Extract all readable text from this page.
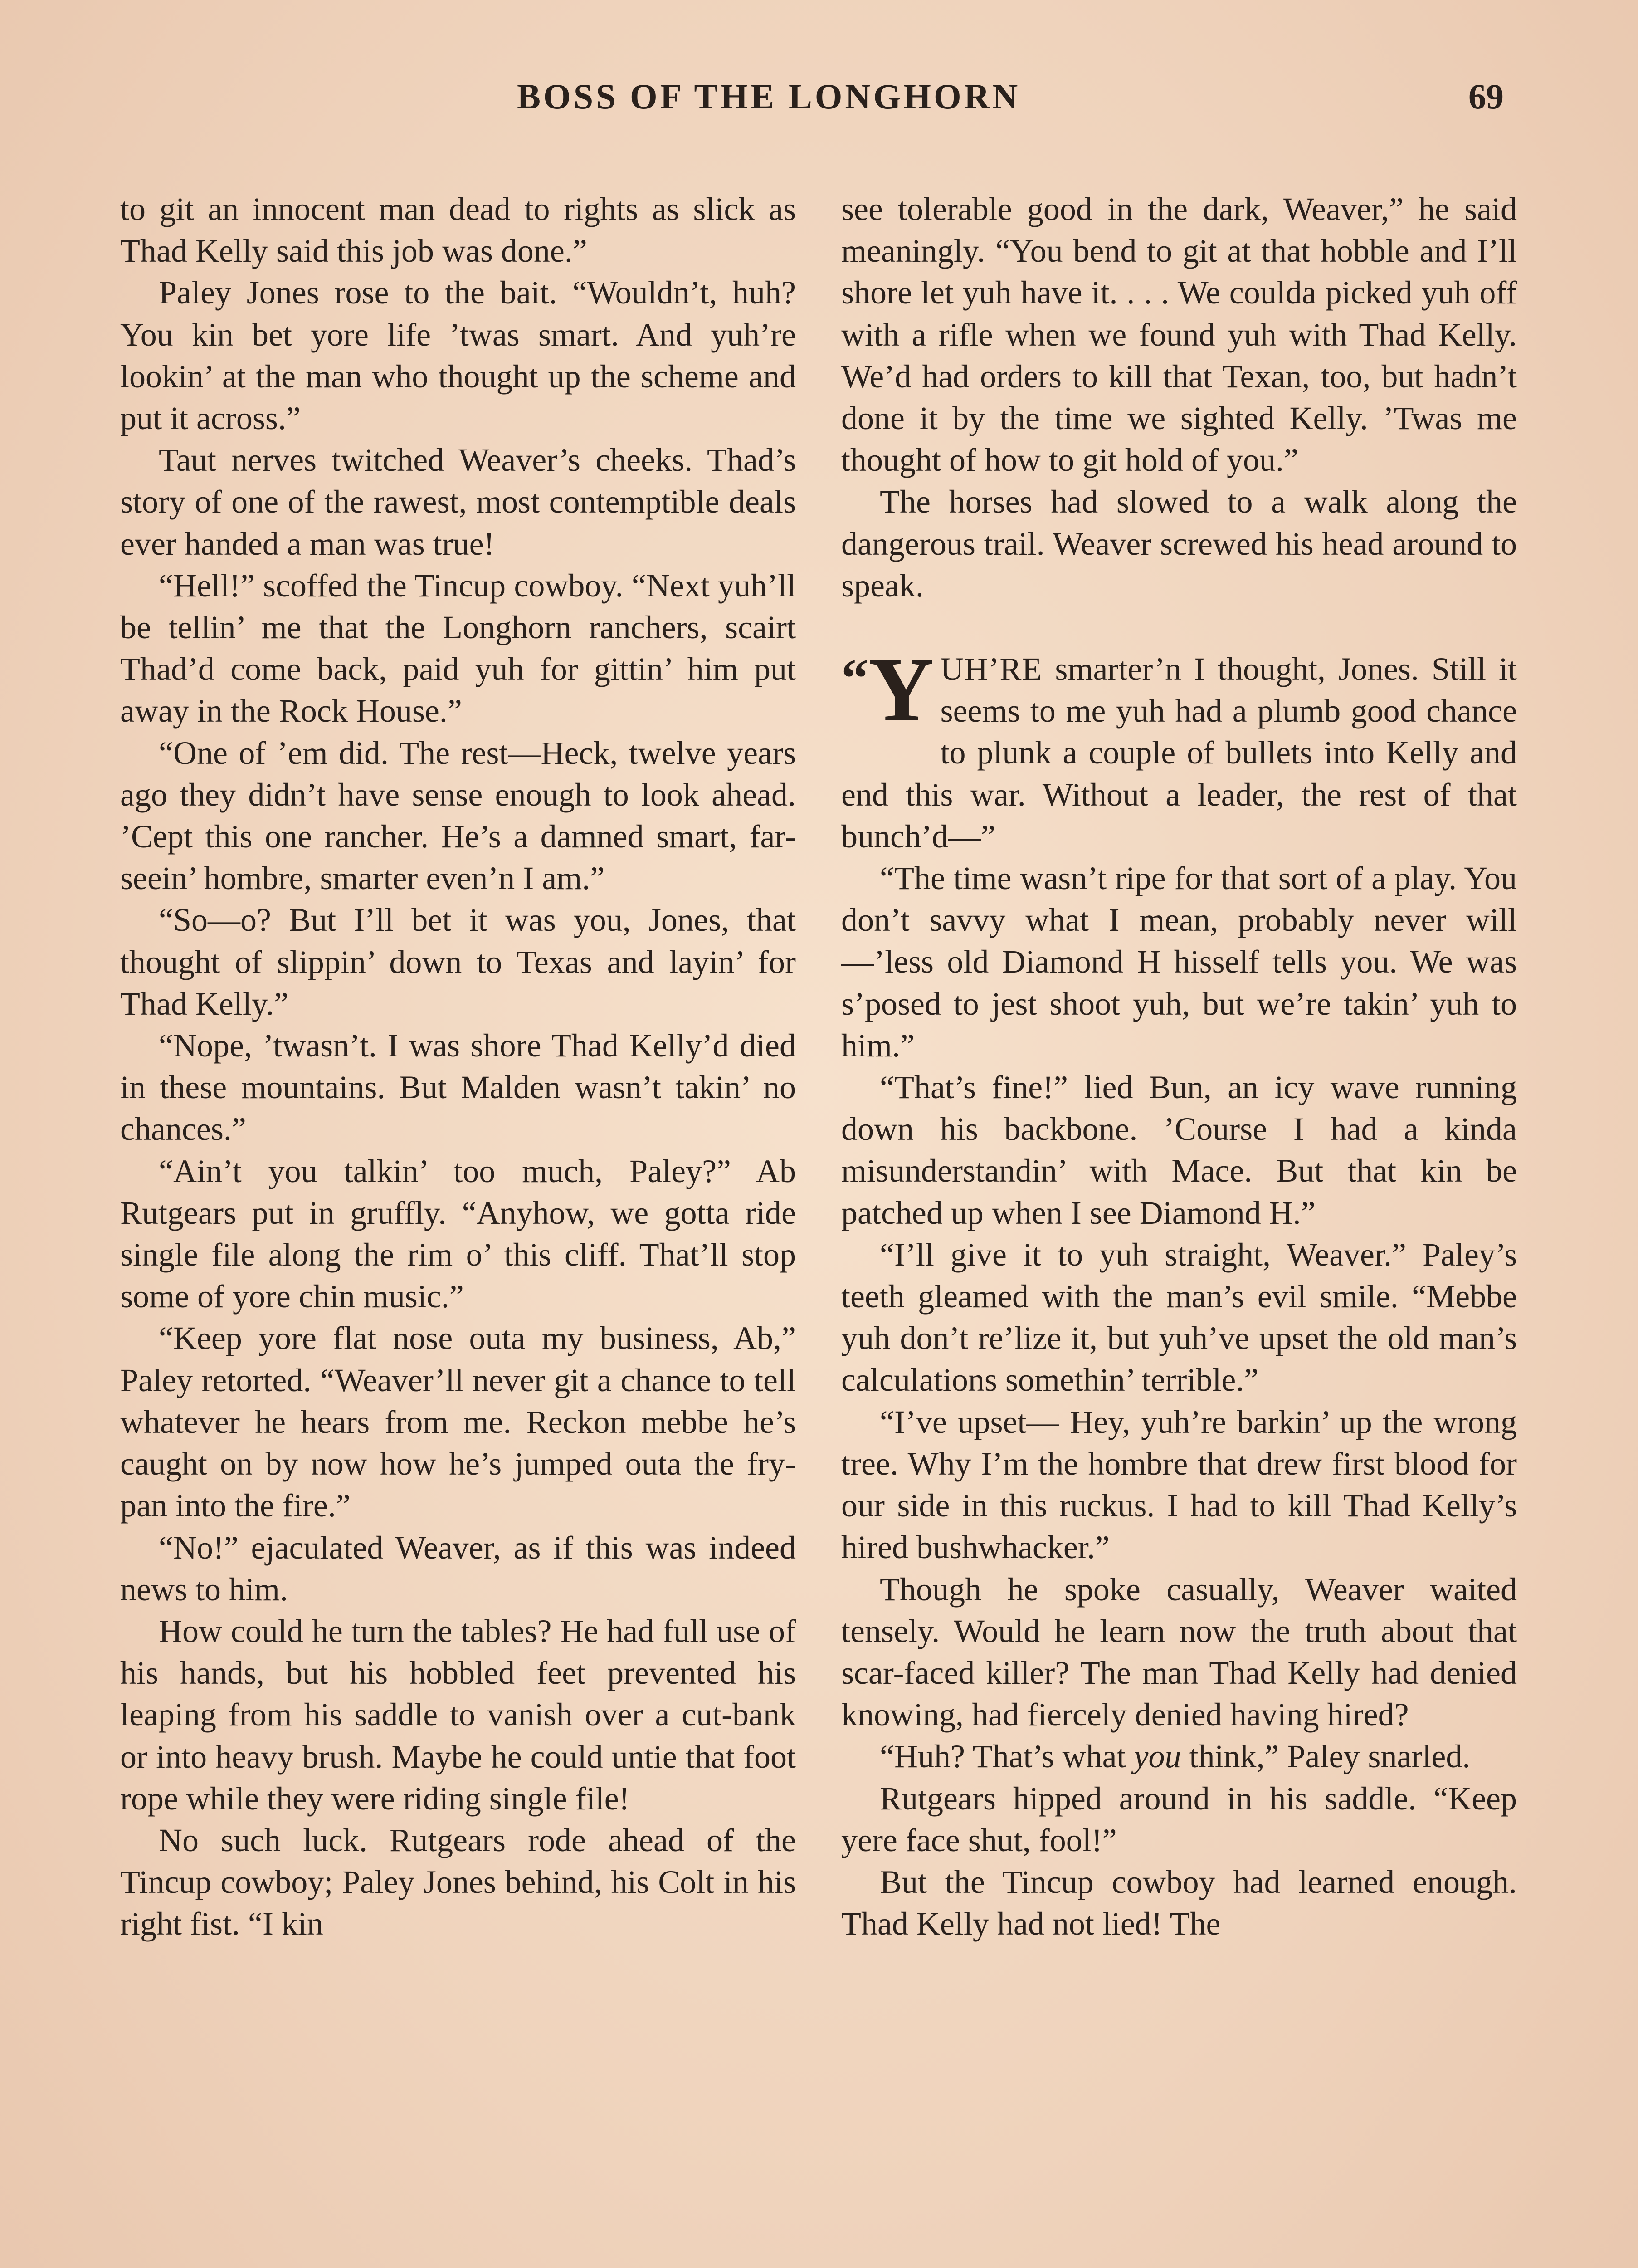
BOSS OF THE LONGHORN	69

to git an innocent man dead to rights as slick as Thad Kelly said this job was done.”

Paley Jones rose to the bait. “Wouldn’t, huh? You kin bet yore life ’twas smart. And yuh’re lookin’ at the man who thought up the scheme and put it across.”

Taut nerves twitched Weaver’s cheeks. Thad’s story of one of the rawest, most contemptible deals ever handed a man was true!

“Hell!” scoffed the Tincup cowboy. “Next yuh’ll be tellin’ me that the Longhorn ranchers, scairt Thad’d come back, paid yuh for gittin’ him put away in the Rock House.”

“One of ’em did. The rest—Heck, twelve years ago they didn’t have sense enough to look ahead. ’Cept this one rancher. He’s a damned smart, far-seein’ hombre, smarter even’n I am.”

“So—o? But I’ll bet it was you, Jones, that thought of slippin’ down to Texas and layin’ for Thad Kelly.”

“Nope, ’twasn’t. I was shore Thad Kelly’d died in these mountains. But Malden wasn’t takin’ no chances.”

“Ain’t you talkin’ too much, Paley?” Ab Rutgears put in gruffly. “Anyhow, we gotta ride single file along the rim o’ this cliff. That’ll stop some of yore chin music.”

“Keep yore flat nose outa my business, Ab,” Paley retorted. “Weaver’ll never git a chance to tell whatever he hears from me. Reckon mebbe he’s caught on by now how he’s jumped outa the fry-pan into the fire.”

“No!” ejaculated Weaver, as if this was indeed news to him.

How could he turn the tables? He had full use of his hands, but his hobbled feet prevented his leaping from his saddle to vanish over a cut-bank or into heavy brush. Maybe he could untie that foot rope while they were riding single file!

No such luck. Rutgears rode ahead of the Tincup cowboy; Paley Jones behind, his Colt in his right fist. “I kin

see tolerable good in the dark, Weaver,” he said meaningly. “You bend to git at that hobble and I’ll shore let yuh have it. . . . We coulda picked yuh off with a rifle when we found yuh with Thad Kelly. We’d had orders to kill that Texan, too, but hadn’t done it by the time we sighted Kelly. ’Twas me thought of how to git hold of you.”

The horses had slowed to a walk along the dangerous trail. Weaver screwed his head around to speak.

“ Y UH’RE smarter’n I thought, Jones. Still it seems to me yuh had a plumb good chance to plunk a couple of bullets into Kelly and end this war. Without a leader, the rest of that bunch’d—”

“The time wasn’t ripe for that sort of a play. You don’t savvy what I mean, probably never will—’less old Diamond H hisself tells you. We was s’posed to jest shoot yuh, but we’re takin’ yuh to him.”

“That’s fine!” lied Bun, an icy wave running down his backbone. ’Course I had a kinda misunderstandin’ with Mace. But that kin be patched up when I see Diamond H.”

“I’ll give it to yuh straight, Weaver.” Paley’s teeth gleamed with the man’s evil smile. “Mebbe yuh don’t re’lize it, but yuh’ve upset the old man’s calculations somethin’ terrible.”

“I’ve upset— Hey, yuh’re barkin’ up the wrong tree. Why I’m the hombre that drew first blood for our side in this ruckus. I had to kill Thad Kelly’s hired bushwhacker.”

Though he spoke casually, Weaver waited tensely. Would he learn now the truth about that scar-faced killer? The man Thad Kelly had denied knowing, had fiercely denied having hired?

“Huh? That’s what you think,” Paley snarled.

Rutgears hipped around in his saddle. “Keep yere face shut, fool!”

But the Tincup cowboy had learned enough. Thad Kelly had not lied! The
